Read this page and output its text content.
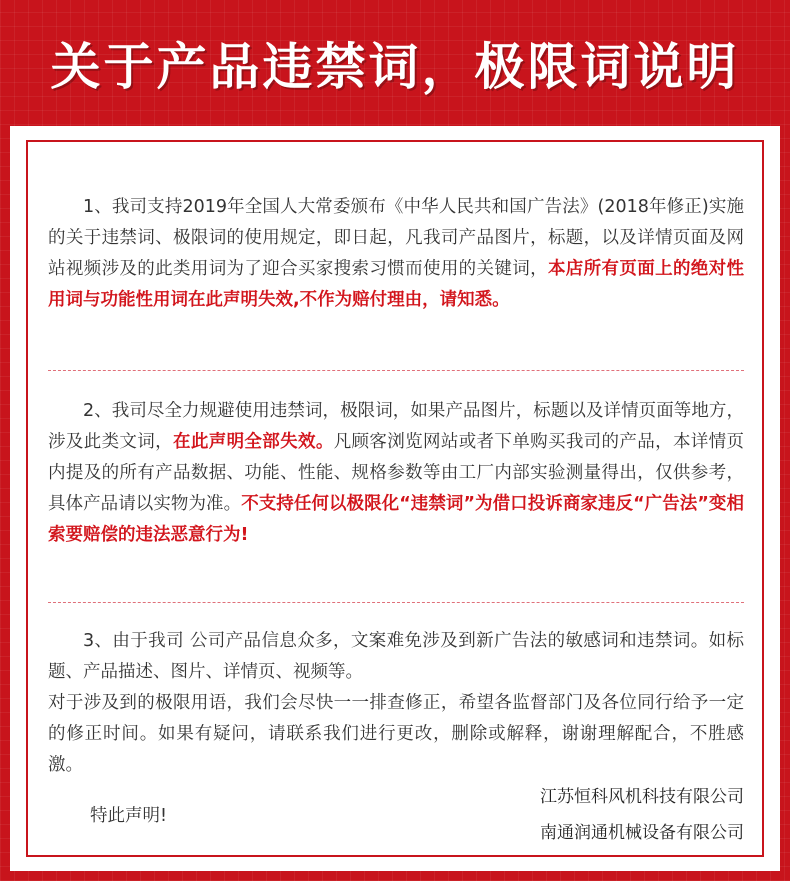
关于产品违禁词，极限词说明

1、我司支持2019年全国人大常委颁布《中华人民共和国广告法》(2018年修正)实施的关于违禁词、极限词的使用规定，即日起，凡我司产品图片，标题，以及详情页面及网站视频涉及的此类用词为了迎合买家搜索习惯而使用的关键词，本店所有页面上的绝对性用词与功能性用词在此声明失效,不作为赔付理由，请知悉。

2、我司尽全力规避使用违禁词，极限词，如果产品图片，标题以及详情页面等地方，涉及此类文词，在此声明全部失效。凡顾客浏览网站或者下单购买我司的产品，本详情页内提及的所有产品数据、功能、性能、规格参数等由工厂内部实验测量得出，仅供参考，具体产品请以实物为准。不支持任何以极限化“违禁词”为借口投诉商家违反“广告法”变相索要赔偿的违法恶意行为!

3、由于我司 公司产品信息众多，文案难免涉及到新广告法的敏感词和违禁词。如标题、产品描述、图片、详情页、视频等。

对于涉及到的极限用语，我们会尽快一一排查修正，希望各监督部门及各位同行给予一定的修正时间。如果有疑问，请联系我们进行更改，删除或解释，谢谢理解配合，不胜感激。

特此声明!

江苏恒科风机科技有限公司

南通润通机械设备有限公司
